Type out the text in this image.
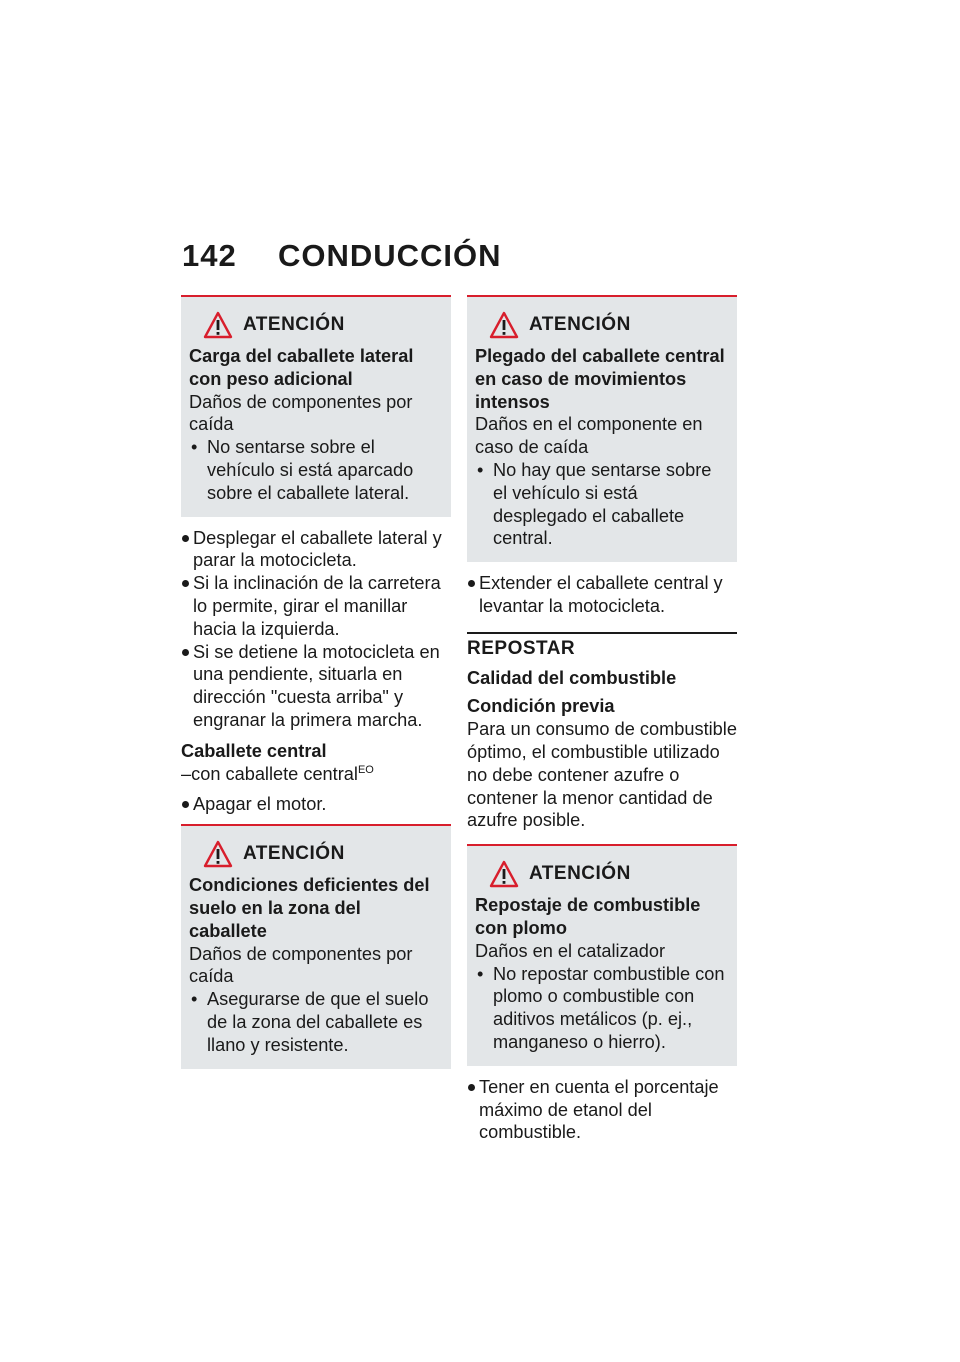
142 CONDUCCIÓN
ATENCIÓN
Carga del caballete lateral con peso adicional
Daños de componentes por caída
• No sentarse sobre el vehículo si está aparcado sobre el caballete lateral.
Desplegar el caballete lateral y parar la motocicleta.
Si la inclinación de la carretera lo permite, girar el manillar hacia la izquierda.
Si se detiene la motocicleta en una pendiente, situarla en dirección "cuesta arriba" y engranar la primera marcha.
Caballete central
–con caballete central$^{EO}$
Apagar el motor.
ATENCIÓN
Condiciones deficientes del suelo en la zona del caballete
Daños de componentes por caída
• Asegurarse de que el suelo de la zona del caballete es llano y resistente.
ATENCIÓN
Plegado del caballete central en caso de movimientos intensos
Daños en el componente en caso de caída
• No hay que sentarse sobre el vehículo si está desplegado el caballete central.
Extender el caballete central y levantar la motocicleta.
REPOSTAR
Calidad del combustible
Condición previa
Para un consumo de combustible óptimo, el combustible utilizado no debe contener azufre o contener la menor cantidad de azufre posible.
ATENCIÓN
Repostaje de combustible con plomo
Daños en el catalizador
• No repostar combustible con plomo o combustible con aditivos metálicos (p. ej., manganeso o hierro).
Tener en cuenta el porcentaje máximo de etanol del combustible.
